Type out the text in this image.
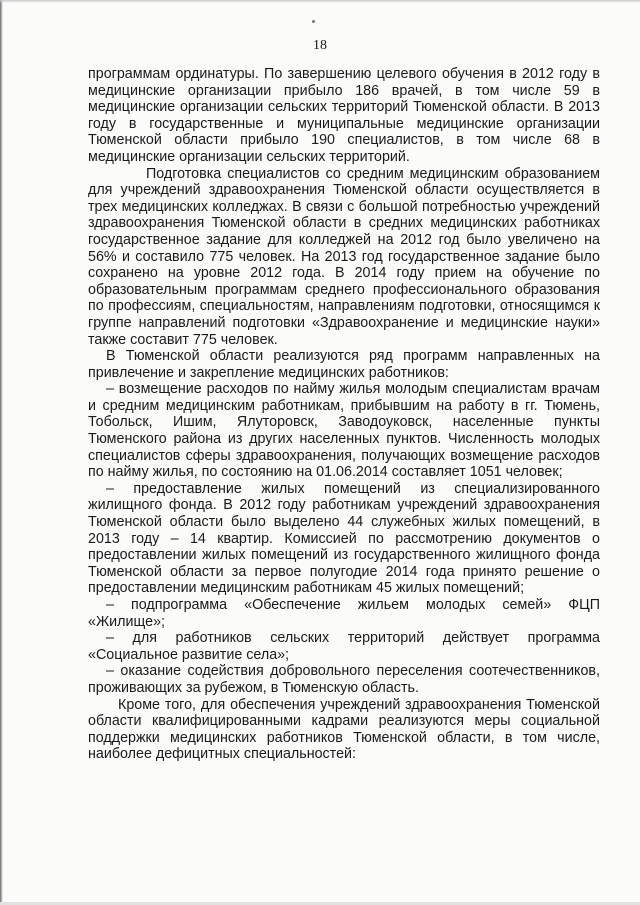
18

программам ординатуры. По завершению целевого обучения в 2012 году в медицинские организации прибыло 186 врачей, в том числе 59 в медицинские организации сельских территорий Тюменской области. В 2013 году в государственные и муниципальные медицинские организации Тюменской области прибыло 190 специалистов, в том числе 68 в медицинские организации сельских территорий.

Подготовка специалистов со средним медицинским образованием для учреждений здравоохранения Тюменской области осуществляется в трех медицинских колледжах. В связи с большой потребностью учреждений здравоохранения Тюменской области в средних медицинских работниках государственное задание для колледжей на 2012 год было увеличено на 56% и составило 775 человек. На 2013 год государственное задание было сохранено на уровне 2012 года. В 2014 году прием на обучение по образовательным программам среднего профессионального образования по профессиям, специальностям, направлениям подготовки, относящимся к группе направлений подготовки «Здравоохранение и медицинские науки» также составит 775 человек.

В Тюменской области реализуются ряд программ направленных на привлечение и закрепление медицинских работников:

– возмещение расходов по найму жилья молодым специалистам врачам и средним медицинским работникам, прибывшим на работу в гг. Тюмень, Тобольск, Ишим, Ялуторовск, Заводоуковск, населенные пункты Тюменского района из других населенных пунктов. Численность молодых специалистов сферы здравоохранения, получающих возмещение расходов по найму жилья, по состоянию на 01.06.2014 составляет 1051 человек;

– предоставление жилых помещений из специализированного жилищного фонда. В 2012 году работникам учреждений здравоохранения Тюменской области было выделено 44 служебных жилых помещений, в 2013 году – 14 квартир. Комиссией по рассмотрению документов о предоставлении жилых помещений из государственного жилищного фонда Тюменской области за первое полугодие 2014 года принято решение о предоставлении медицинским работникам 45 жилых помещений;

– подпрограмма «Обеспечение жильем молодых семей» ФЦП «Жилище»;

– для работников сельских территорий действует программа «Социальное развитие села»;

– оказание содействия добровольного переселения соотечественников, проживающих за рубежом, в Тюменскую область.

Кроме того, для обеспечения учреждений здравоохранения Тюменской области квалифицированными кадрами реализуются меры социальной поддержки медицинских работников Тюменской области, в том числе, наиболее дефицитных специальностей:
